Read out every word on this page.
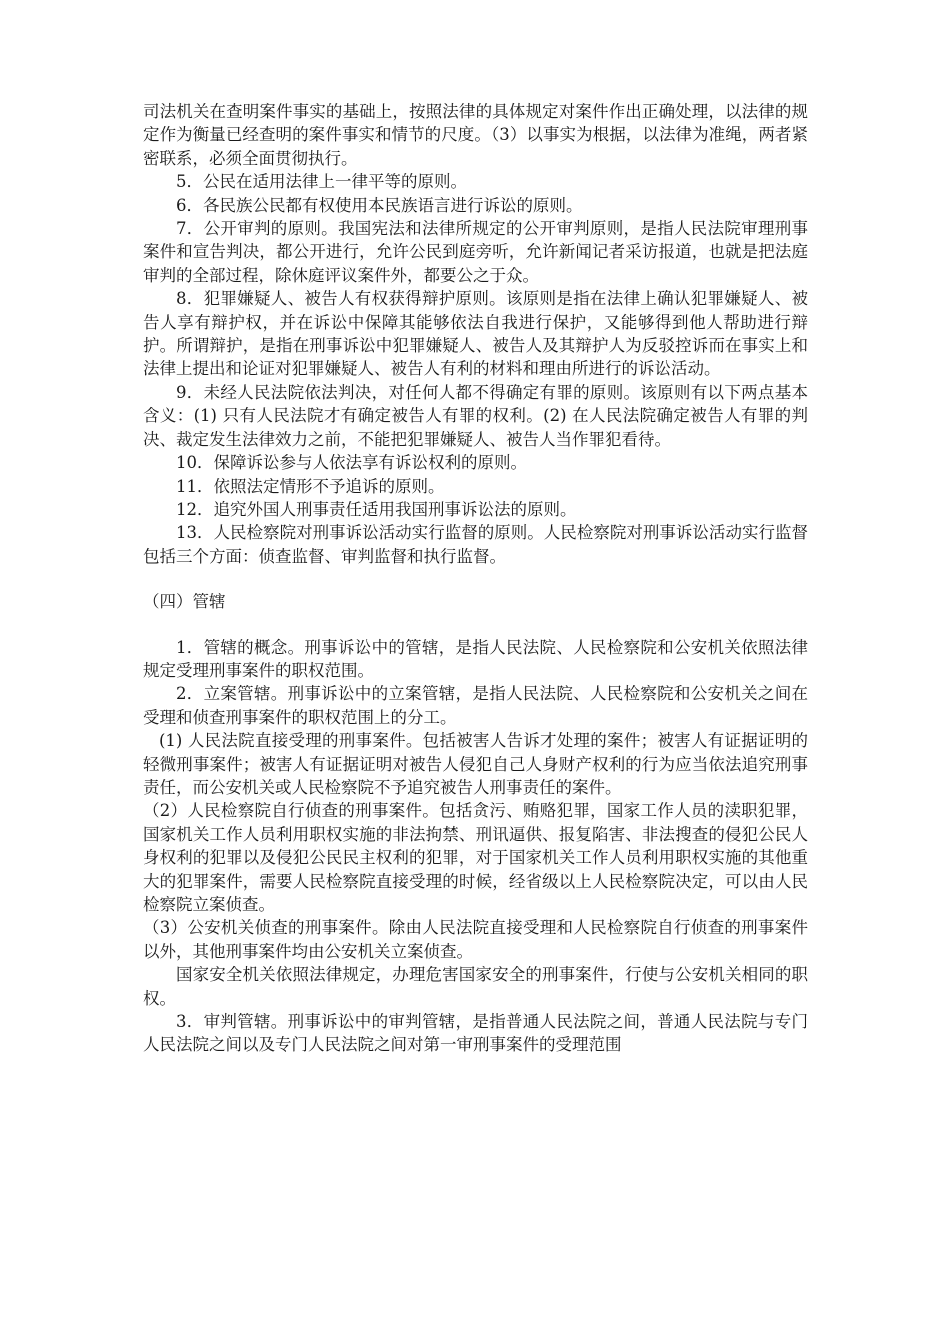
司法机关在查明案件事实的基础上，按照法律的具体规定对案件作出正确处理，以法律的规定作为衡量已经查明的案件事实和情节的尺度。（3）以事实为根据，以法律为准绳，两者紧密联系，必须全面贯彻执行。

5．公民在适用法律上一律平等的原则。

6．各民族公民都有权使用本民族语言进行诉讼的原则。

7．公开审判的原则。我国宪法和法律所规定的公开审判原则，是指人民法院审理刑事案件和宣告判决，都公开进行，允许公民到庭旁听，允许新闻记者采访报道，也就是把法庭审判的全部过程，除休庭评议案件外，都要公之于众。

8．犯罪嫌疑人、被告人有权获得辩护原则。该原则是指在法律上确认犯罪嫌疑人、被告人享有辩护权，并在诉讼中保障其能够依法自我进行保护，又能够得到他人帮助进行辩护。所谓辩护，是指在刑事诉讼中犯罪嫌疑人、被告人及其辩护人为反驳控诉而在事实上和法律上提出和论证对犯罪嫌疑人、被告人有利的材料和理由所进行的诉讼活动。

9．未经人民法院依法判决，对任何人都不得确定有罪的原则。该原则有以下两点基本含义：(1) 只有人民法院才有确定被告人有罪的权利。(2) 在人民法院确定被告人有罪的判决、裁定发生法律效力之前，不能把犯罪嫌疑人、被告人当作罪犯看待。

10．保障诉讼参与人依法享有诉讼权利的原则。

11．依照法定情形不予追诉的原则。

12．追究外国人刑事责任适用我国刑事诉讼法的原则。

13．人民检察院对刑事诉讼活动实行监督的原则。人民检察院对刑事诉讼活动实行监督包括三个方面：侦查监督、审判监督和执行监督。

（四）管辖

1．管辖的概念。刑事诉讼中的管辖，是指人民法院、人民检察院和公安机关依照法律规定受理刑事案件的职权范围。

2．立案管辖。刑事诉讼中的立案管辖，是指人民法院、人民检察院和公安机关之间在受理和侦查刑事案件的职权范围上的分工。

(1) 人民法院直接受理的刑事案件。包括被害人告诉才处理的案件；被害人有证据证明的轻微刑事案件；被害人有证据证明对被告人侵犯自己人身财产权利的行为应当依法追究刑事责任，而公安机关或人民检察院不予追究被告人刑事责任的案件。

（2）人民检察院自行侦查的刑事案件。包括贪污、贿赂犯罪，国家工作人员的渎职犯罪，国家机关工作人员利用职权实施的非法拘禁、刑讯逼供、报复陷害、非法搜查的侵犯公民人身权利的犯罪以及侵犯公民民主权利的犯罪，对于国家机关工作人员利用职权实施的其他重大的犯罪案件，需要人民检察院直接受理的时候，经省级以上人民检察院决定，可以由人民检察院立案侦查。

（3）公安机关侦查的刑事案件。除由人民法院直接受理和人民检察院自行侦查的刑事案件以外，其他刑事案件均由公安机关立案侦查。

国家安全机关依照法律规定，办理危害国家安全的刑事案件，行使与公安机关相同的职权。

3．审判管辖。刑事诉讼中的审判管辖，是指普通人民法院之间，普通人民法院与专门人民法院之间以及专门人民法院之间对第一审刑事案件的受理范围
